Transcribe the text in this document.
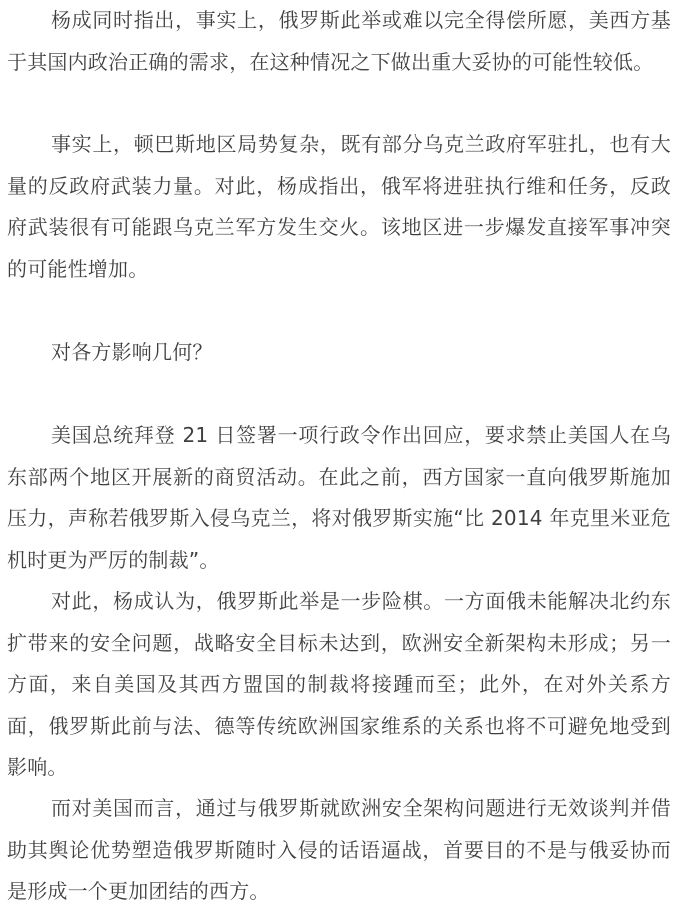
杨成同时指出，事实上，俄罗斯此举或难以完全得偿所愿，美西方基于其国内政治正确的需求，在这种情况之下做出重大妥协的可能性较低。

事实上，顿巴斯地区局势复杂，既有部分乌克兰政府军驻扎，也有大量的反政府武装力量。对此，杨成指出，俄军将进驻执行维和任务，反政府武装很有可能跟乌克兰军方发生交火。该地区进一步爆发直接军事冲突的可能性增加。

对各方影响几何？

美国总统拜登 21 日签署一项行政令作出回应，要求禁止美国人在乌东部两个地区开展新的商贸活动。在此之前，西方国家一直向俄罗斯施加压力，声称若俄罗斯入侵乌克兰，将对俄罗斯实施“比 2014 年克里米亚危机时更为严厉的制裁”。

对此，杨成认为，俄罗斯此举是一步险棋。一方面俄未能解决北约东扩带来的安全问题，战略安全目标未达到，欧洲安全新架构未形成；另一方面，来自美国及其西方盟国的制裁将接踵而至；此外，在对外关系方面，俄罗斯此前与法、德等传统欧洲国家维系的关系也将不可避免地受到影响。

而对美国而言，通过与俄罗斯就欧洲安全架构问题进行无效谈判并借助其舆论优势塑造俄罗斯随时入侵的话语逼战，首要目的不是与俄妥协而是形成一个更加团结的西方。
